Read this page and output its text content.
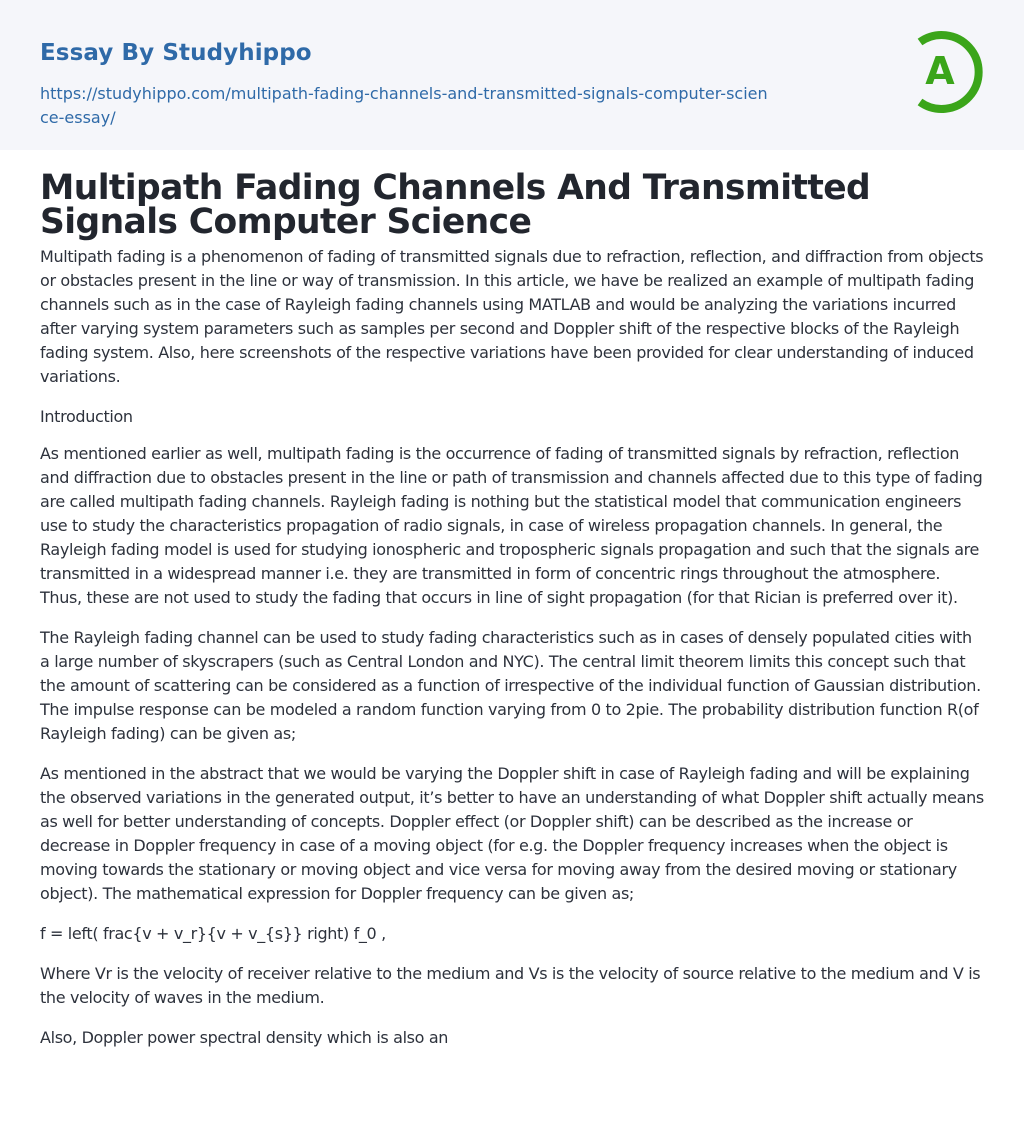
Essay By Studyhippo
https://studyhippo.com/multipath-fading-channels-and-transmitted-signals-computer-science-essay/
A
Multipath Fading Channels And Transmitted Signals Computer Science

Multipath fading is a phenomenon of fading of transmitted signals due to refraction, reflection, and diffraction from objects or obstacles present in the line or way of transmission. In this article, we have be realized an example of multipath fading channels such as in the case of Rayleigh fading channels using MATLAB and would be analyzing the variations incurred after varying system parameters such as samples per second and Doppler shift of the respective blocks of the Rayleigh fading system. Also, here screenshots of the respective variations have been provided for clear understanding of induced variations.

Introduction

As mentioned earlier as well, multipath fading is the occurrence of fading of transmitted signals by refraction, reflection and diffraction due to obstacles present in the line or path of transmission and channels affected due to this type of fading are called multipath fading channels. Rayleigh fading is nothing but the statistical model that communication engineers use to study the characteristics propagation of radio signals, in case of wireless propagation channels. In general, the Rayleigh fading model is used for studying ionospheric and tropospheric signals propagation and such that the signals are transmitted in a widespread manner i.e. they are transmitted in form of concentric rings throughout the atmosphere. Thus, these are not used to study the fading that occurs in line of sight propagation (for that Rician is preferred over it).

The Rayleigh fading channel can be used to study fading characteristics such as in cases of densely populated cities with a large number of skyscrapers (such as Central London and NYC). The central limit theorem limits this concept such that the amount of scattering can be considered as a function of irrespective of the individual function of Gaussian distribution. The impulse response can be modeled a random function varying from 0 to 2pie. The probability distribution function R(of Rayleigh fading) can be given as;

As mentioned in the abstract that we would be varying the Doppler shift in case of Rayleigh fading and will be explaining the observed variations in the generated output, it’s better to have an understanding of what Doppler shift actually means as well for better understanding of concepts. Doppler effect (or Doppler shift) can be described as the increase or decrease in Doppler frequency in case of a moving object (for e.g. the Doppler frequency increases when the object is moving towards the stationary or moving object and vice versa for moving away from the desired moving or stationary object). The mathematical expression for Doppler frequency can be given as;

f = left( frac{v + v_r}{v + v_{s}} right) f_0 ,

Where Vr is the velocity of receiver relative to the medium and Vs is the velocity of source relative to the medium and V is the velocity of waves in the medium.

Also, Doppler power spectral density which is also an
